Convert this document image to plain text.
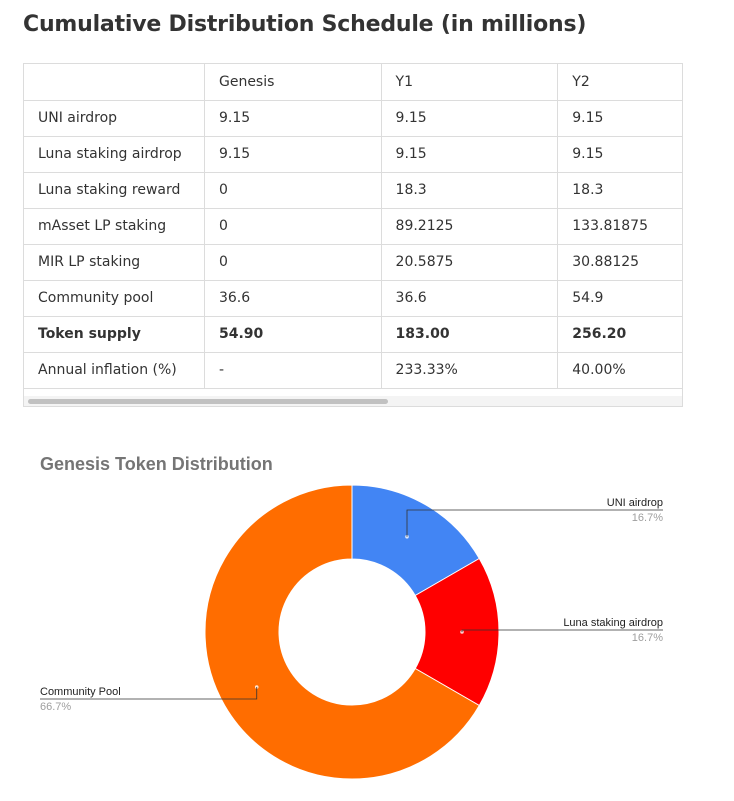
Cumulative Distribution Schedule (in millions)
	Genesis	Y1	Y2
UNI airdrop	9.15	9.15	9.15
Luna staking airdrop	9.15	9.15	9.15
Luna staking reward	0	18.3	18.3
mAsset LP staking	0	89.2125	133.81875
MIR LP staking	0	20.5875	30.88125
Community pool	36.6	36.6	54.9
Token supply	54.90	183.00	256.20
Annual inflation (%)	-	233.33%	40.00%
Genesis Token Distribution
UNI airdrop
16.7%
Luna staking airdrop
16.7%
Community Pool
66.7%
